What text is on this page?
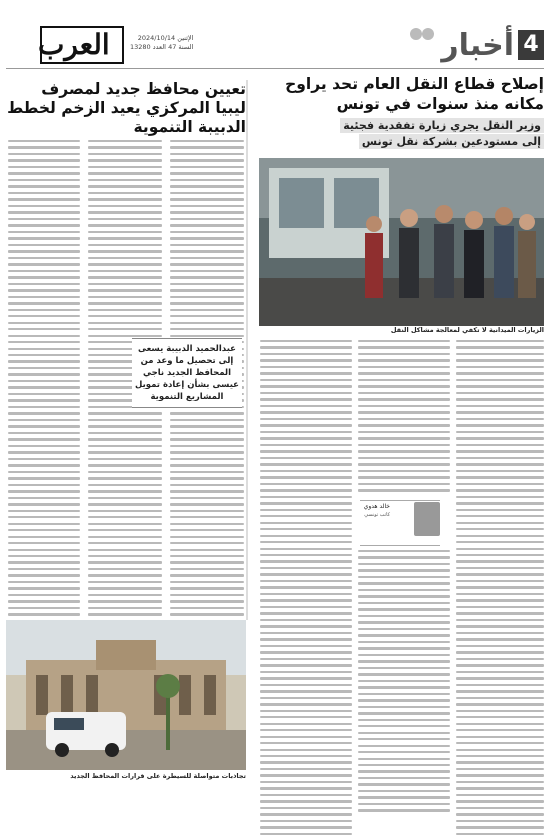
4
أخبار
العرب	الإثنين 2024/10/14
السنة 47 العدد 13280
إصلاح قطاع النقل العام تحد يراوح مكانه منذ سنوات في تونس
وزير النقل يجري زيارة تفقدية فجئية
إلى مستودعين بشركة نقل تونس
الزيارات الميدانية لا تكفي لمعالجة مشاكل النقل
خالد هدوي
كاتب تونسي
تعيين محافظ جديد لمصرف ليبيا المركزي يعيد الزخم لخطط الدبيبة التنموية
عبدالحميد الدبيبة يسعى إلى تحصيل ما وعد من المحافظ الجديد ناجي عيسى بشأن إعادة تمويل المشاريع التنموية
تجاذبات متواصلة للسيطرة على قرارات المحافظ الجديد
